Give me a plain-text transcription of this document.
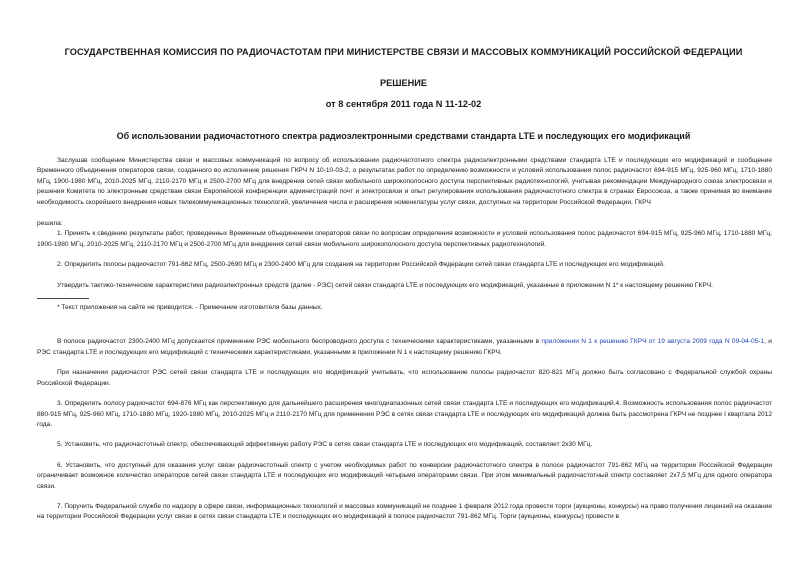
ГОСУДАРСТВЕННАЯ КОМИССИЯ ПО РАДИОЧАСТОТАМ ПРИ МИНИСТЕРСТВЕ СВЯЗИ И МАССОВЫХ КОММУНИКАЦИЙ РОССИЙСКОЙ ФЕДЕРАЦИИ
РЕШЕНИЕ
от 8 сентября 2011 года N 11-12-02
Об использовании радиочастотного спектра радиоэлектронными средствами стандарта LTE и последующих его модификаций

Заслушав сообщение Министерства связи и массовых коммуникаций по вопросу об использовании радиочастотного спектра радиоэлектронными средствами стандарта LTE и последующих его модификаций и сообщение Временного объединения операторов связи, созданного во исполнение решения ГКРЧ N 10-10-03-2, о результатах работ по определению возможности и условий использования полос радиочастот 694-915 МГц, 925-960 МГц, 1710-1880 МГц, 1900-1980 МГц, 2010-2025 МГц, 2110-2170 МГц и 2500-2700 МГц для внедрения сетей связи мобильного широкополосного доступа перспективных радиотехнологий, учитывая рекомендации Международного союза электросвязи и решения Комитета по электронным средствам связи Европейской конференции администраций почт и электросвязи и опыт регулирования использования радиочастотного спектра в странах Евросоюза, а также принимая во внимание необходимость скорейшего внедрения новых телекоммуникационных технологий, увеличения числа и расширения номенклатуры услуг связи, доступных на территории Российской Федерации, ГКРЧ

решила:

1. Принять к сведению результаты работ, проведенных Временным объединением операторов связи по вопросам определения возможности и условий использования полос радиочастот 694-915 МГц, 925-960 МГц, 1710-1880 МГц, 1900-1980 МГц, 2010-2025 МГц, 2110-2170 МГц и 2500-2700 МГц для внедрения сетей связи мобильного широкополосного доступа перспективных радиотехнологий.

2. Определить полосы радиочастот 791-862 МГц, 2500-2690 МГц и 2300-2400 МГц для создания на территории Российской Федерации сетей связи стандарта LTE и последующих его модификаций.

Утвердить тактико-технические характеристики радиоэлектронных средств (далее - РЭС) сетей связи стандарта LTE и последующих его модификаций, указанные в приложении N 1* к настоящему решению ГКРЧ.

* Текст приложения на сайте не приводится. - Примечание изготовителя базы данных.

В полосе радиочастот 2300-2400 МГц допускается применение РЭС мобильного беспроводного доступа с техническими характеристиками, указанными в приложении N 1 к решению ГКРЧ от 19 августа 2009 года N 09-04-05-1, и РЭС стандарта LTE и последующих его модификаций с техническими характеристиками, указанными в приложении N 1 к настоящему решению ГКРЧ.

При назначении радиочастот РЭС сетей связи стандарта LTE и последующих его модификаций учитывать, что использование полосы радиочастот 820-821 МГц должно быть согласовано с Федеральной службой охраны Российской Федерации.

3. Определить полосу радиочастот 694-876 МГц как перспективную для дальнейшего расширения многодиапазонных сетей связи стандарта LTE и последующих его модификаций.4. Возможность использования полос радиочастот 880-915 МГц, 925-960 МГц, 1710-1880 МГц, 1920-1980 МГц, 2010-2025 МГц и 2110-2170 МГц для применения РЭС в сетях связи стандарта LTE и последующих его модификаций должна быть рассмотрена ГКРЧ не позднее I квартала 2012 года.

5. Установить, что радиочастотный спектр, обеспечивающий эффективную работу РЭС в сетях связи стандарта LTE и последующих его модификаций, составляет 2х30 МГц.

6. Установить, что доступный для оказания услуг связи радиочастотный спектр с учетом необходимых работ по конверсии радиочастотного спектра в полосе радиочастот 791-862 МГц на территории Российской Федерации ограничивает возможное количество операторов сетей связи стандарта LTE и последующих его модификаций четырьмя операторами связи. При этом минимальный радиочастотный спектр составляет 2х7,5 МГц для одного оператора связи.

7. Поручить Федеральной службе по надзору в сфере связи, информационных технологий и массовых коммуникаций не позднее 1 февраля 2012 года провести торги (аукционы, конкурсы) на право получения лицензий на оказание на территории Российской Федерации услуг связи в сетях связи стандарта LTE и последующих его модификаций в полосе радиочастот 791-862 МГц. Торги (аукционы, конкурсы) провести в
